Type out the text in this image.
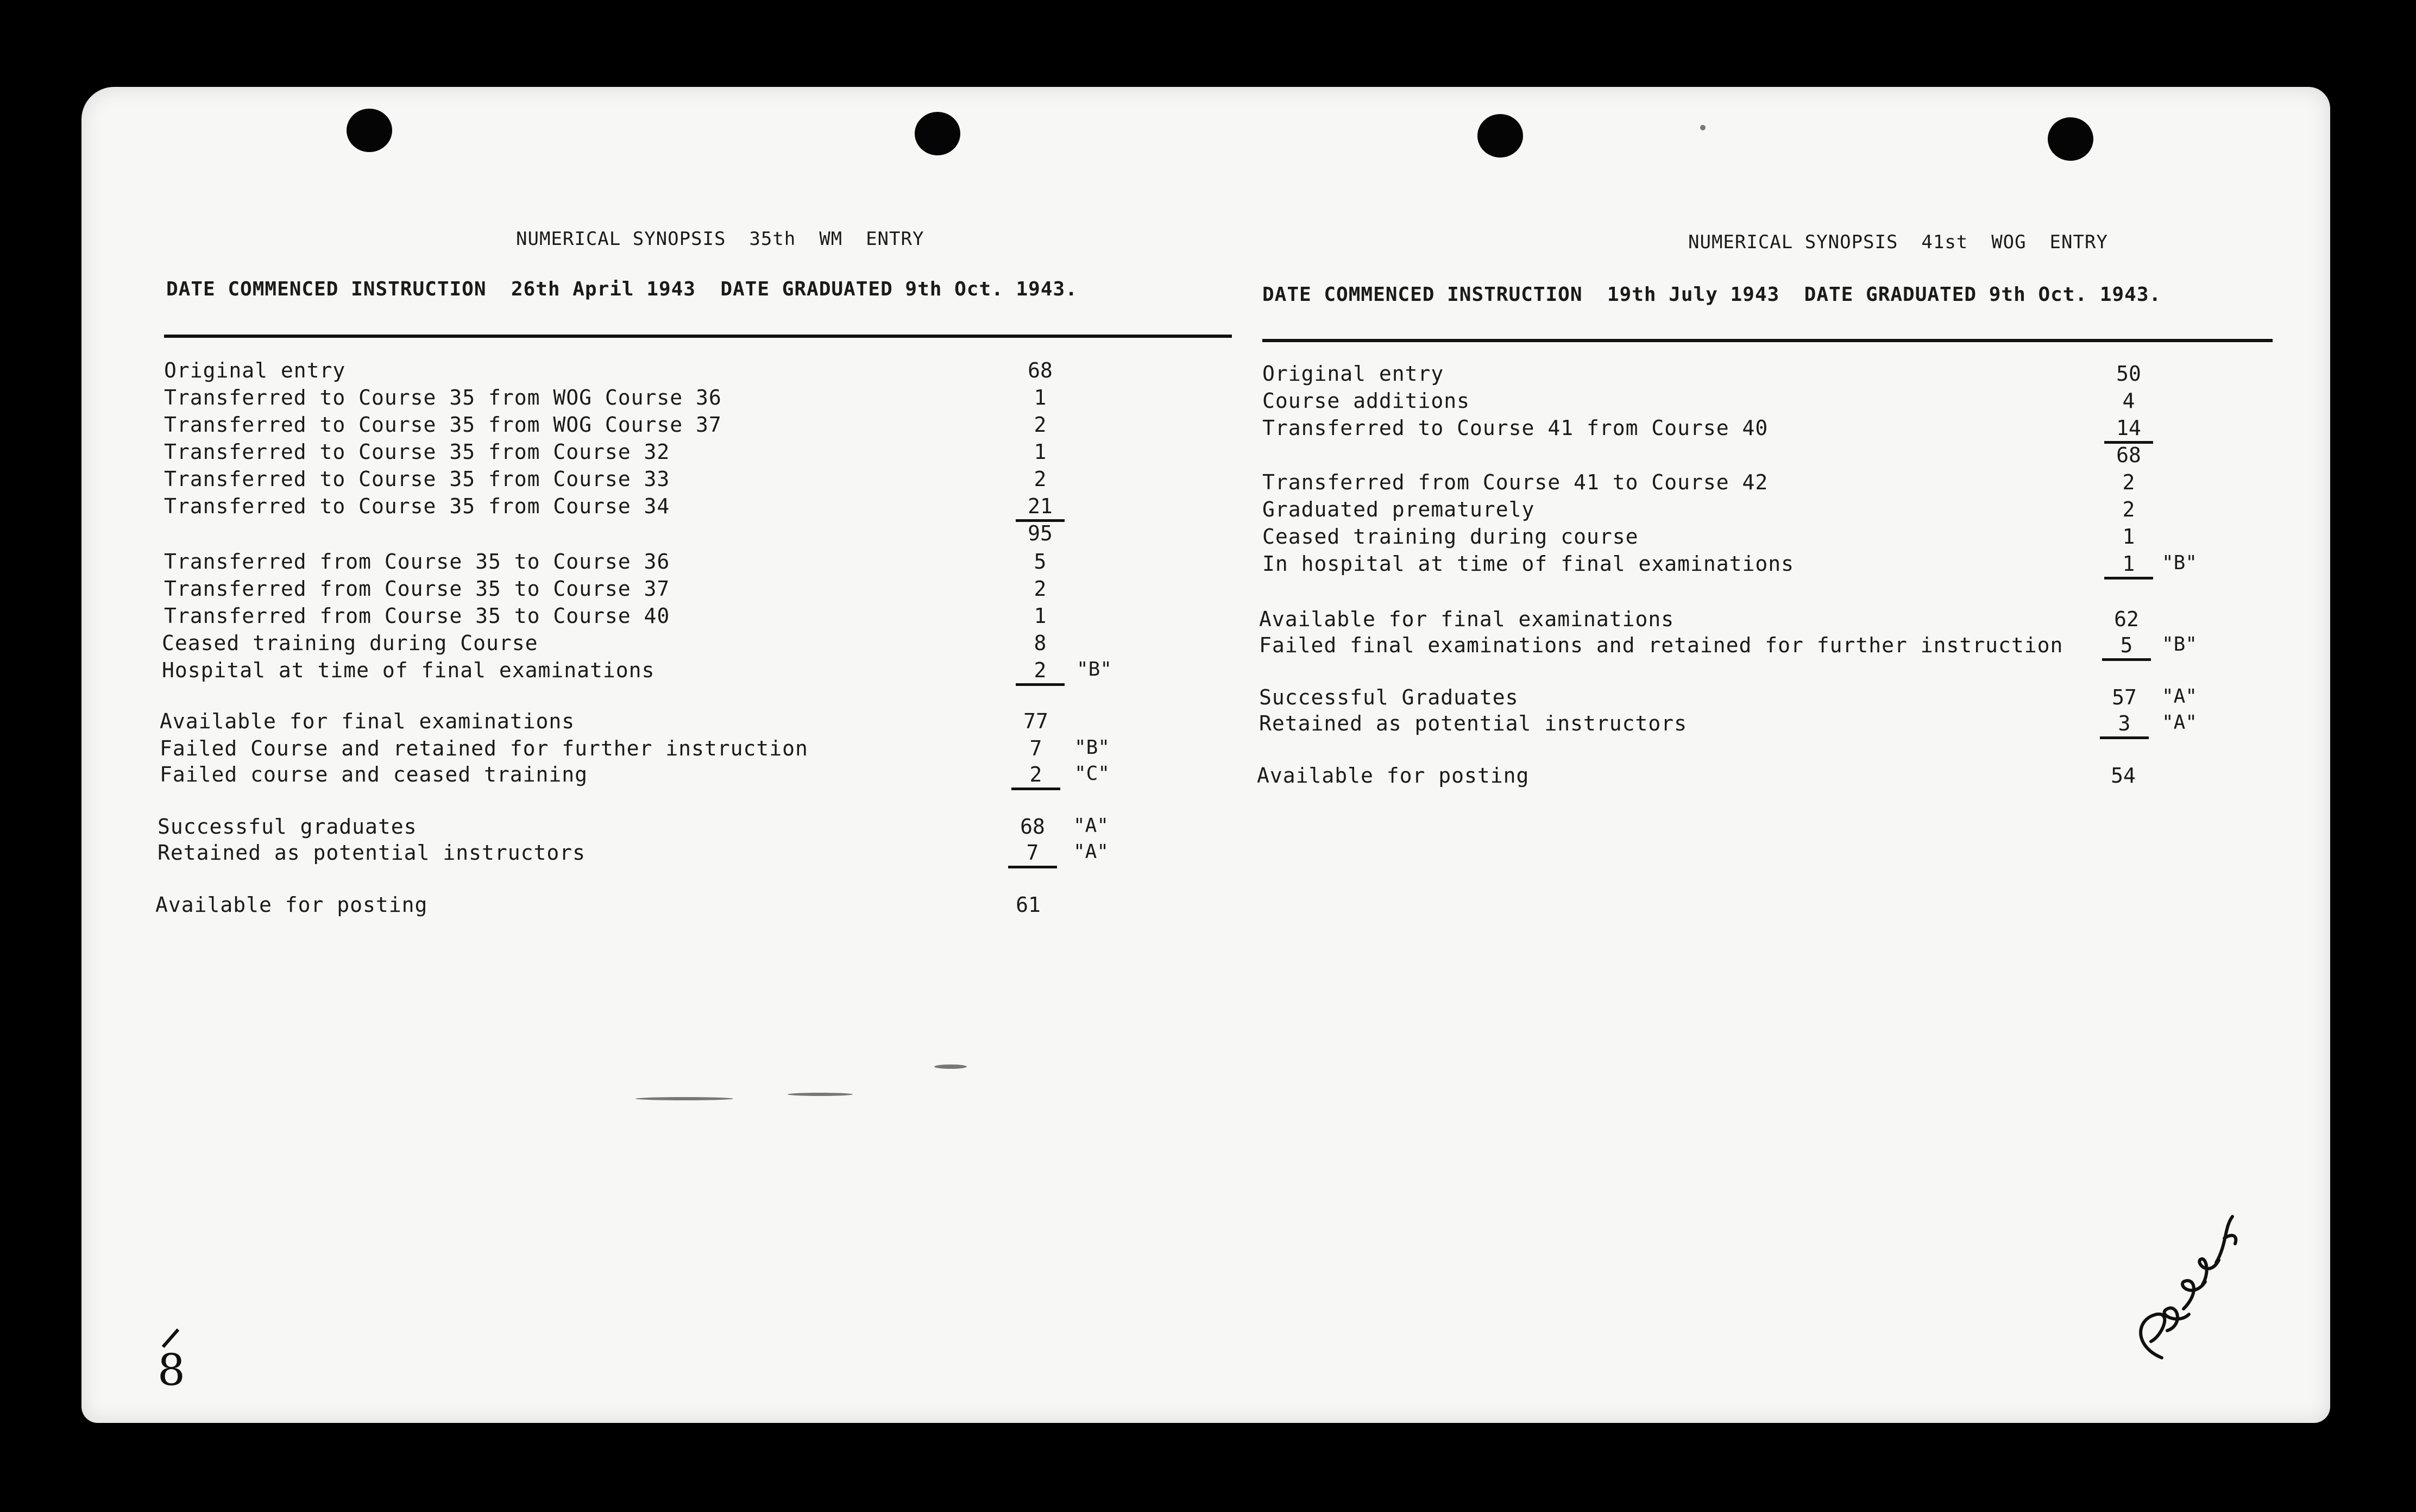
NUMERICAL SYNOPSIS  35th  WM  ENTRY
DATE COMMENCED INSTRUCTION  26th April 1943  DATE GRADUATED 9th Oct. 1943.
Original entry	68
Transferred to Course 35 from WOG Course 36	1
Transferred to Course 35 from WOG Course 37	2
Transferred to Course 35 from Course 32	1
Transferred to Course 35 from Course 33	2
Transferred to Course 35 from Course 34	21
95
Transferred from Course 35 to Course 36	5
Transferred from Course 35 to Course 37	2
Transferred from Course 35 to Course 40	1
Ceased training during Course	8
Hospital at time of final examinations	2	"B"
Available for final examinations	77
Failed Course and retained for further instruction	7	"B"
Failed course and ceased training	2	"C"
Successful graduates	68	"A"
Retained as potential instructors	7	"A"
Available for posting	61
NUMERICAL SYNOPSIS  41st  WOG  ENTRY
DATE COMMENCED INSTRUCTION  19th July 1943  DATE GRADUATED 9th Oct. 1943.
Original entry	50
Course additions	4
Transferred to Course 41 from Course 40	14
68
Transferred from Course 41 to Course 42	2
Graduated prematurely	2
Ceased training during course	1
In hospital at time of final examinations	1	"B"
Available for final examinations	62
Failed final examinations and retained for further instruction	5	"B"
Successful Graduates	57	"A"
Retained as potential instructors	3	"A"
Available for posting	54
8
